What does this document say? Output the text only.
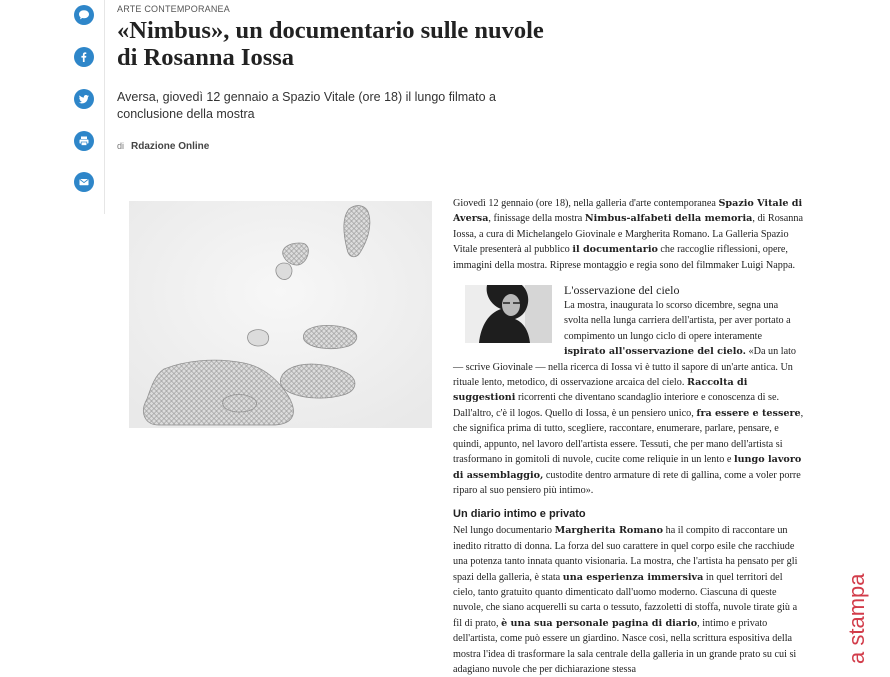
ARTE CONTEMPORANEA
«Nimbus», un documentario sulle nuvole di Rosanna Iossa

Aversa, giovedì 12 gennaio a Spazio Vitale (ore 18) il lungo filmato a conclusione della mostra

di Rdazione Online

Giovedì 12 gennaio (ore 18), nella galleria d'arte contemporanea Spazio Vitale di Aversa, finissage della mostra Nimbus-alfabeti della memoria, di Rosanna Iossa, a cura di Michelangelo Giovinale e Margherita Romano. La Galleria Spazio Vitale presenterà al pubblico il documentario che raccoglie riflessioni, opere, immagini della mostra. Riprese montaggio e regia sono del filmmaker Luigi Nappa.

L'osservazione del cielo

La mostra, inaugurata lo scorso dicembre, segna una svolta nella lunga carriera dell'artista, per aver portato a compimento un lungo ciclo di opere interamente ispirato all'osservazione del cielo. «Da un lato — scrive Giovinale — nella ricerca di Iossa vi è tutto il sapore di un'arte antica. Un rituale lento, metodico, di osservazione arcaica del cielo. Raccolta di suggestioni ricorrenti che diventano scandaglio interiore e conoscenza di se. Dall'altro, c'è il logos. Quello di Iossa, è un pensiero unico, fra essere e tessere, che significa prima di tutto, scegliere, raccontare, enumerare, parlare, pensare, e quindi, appunto, nel lavoro dell'artista essere. Tessuti, che per mano dell'artista si trasformano in gomitoli di nuvole, cucite come reliquie in un lento e lungo lavoro di assemblaggio, custodite dentro armature di rete di gallina, come a voler porre riparo al suo pensiero più intimo».

Un diario intimo e privato

Nel lungo documentario Margherita Romano ha il compito di raccontare un inedito ritratto di donna. La forza del suo carattere in quel corpo esile che racchiude una potenza tanto innata quanto visionaria. La mostra, che l'artista ha pensato per gli spazi della galleria, è stata una esperienza immersiva in quel territori del cielo, tanto gratuito quanto dimenticato dall'uomo moderno. Ciascuna di queste nuvole, che siano acquerelli su carta o tessuto, fazzoletti di stoffa, nuvole tirate giù a fil di prato, è una sua personale pagina di diario, intimo e privato dell'artista, come può essere un giardino. Nasce così, nella scrittura espositiva della mostra l'idea di trasformare la sala centrale della galleria in un grande prato su cui si adagiano nuvole che per dichiarazione stessa

a stampa
